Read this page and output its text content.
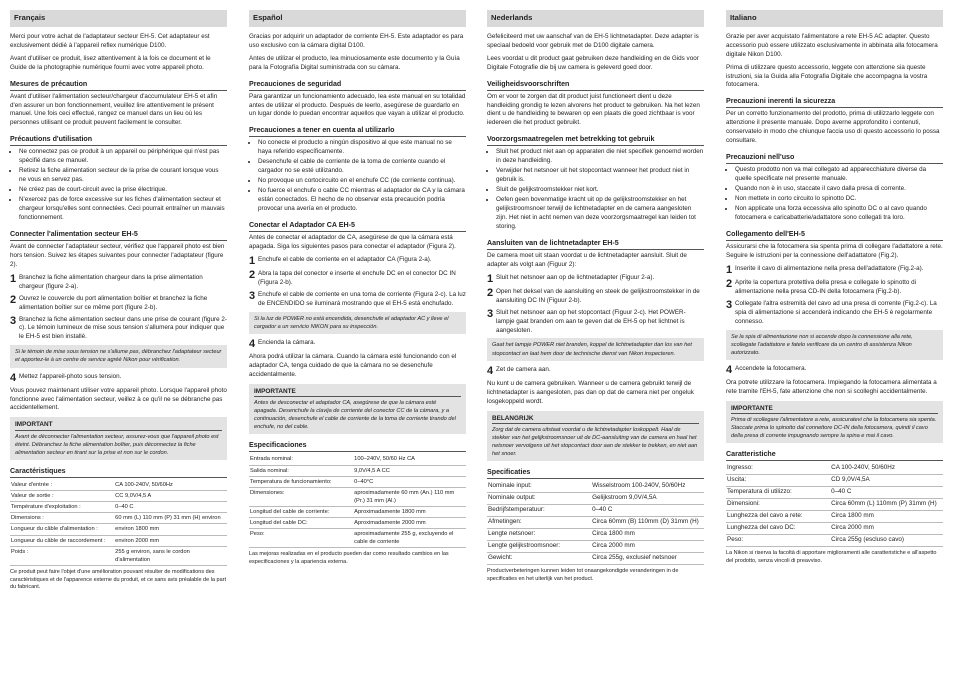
Français

Merci pour votre achat de l'adaptateur secteur EH-5. Cet adaptateur est exclusivement dédié à l'appareil reflex numérique D100.

Avant d'utiliser ce produit, lisez attentivement à la fois ce document et le Guide de la photographie numérique fourni avec votre appareil photo.

Mesures de précaution

Avant d'utiliser l'alimentation secteur/chargeur d'accumulateur EH-5 et afin d'en assurer un bon fonctionnement, veuillez lire attentivement le présent manuel. Une fois ceci effectué, rangez ce manuel dans un lieu où les personnes utilisant ce produit peuvent facilement le consulter.

Précautions d'utilisation
• Ne connectez pas ce produit à un appareil ou périphérique qui n'est pas spécifié dans ce manuel.
• Retirez la fiche alimentation secteur de la prise de courant lorsque vous ne vous en servez pas.
• Ne créez pas de court-circuit avec la prise électrique.
• N'exercez pas de force excessive sur les fiches d'alimentation secteur et chargeur lorsqu'elles sont connectées. Ceci pourrait entraîner un mauvais fonctionnement.
Connecter l'alimentation secteur EH-5

Avant de connecter l'adaptateur secteur, vérifiez que l'appareil photo est bien hors tension. Suivez les étapes suivantes pour connecter l'adaptateur (figure 2).

1 Branchez la fiche alimentation chargeur dans la prise alimentation chargeur (figure 2-a).
2 Ouvrez le couvercle du port alimentation boîtier et branchez la fiche alimentation boîtier sur ce même port (figure 2-b).
3 Branchez la fiche alimentation secteur dans une prise de courant (figure 2-c). Le témoin lumineux de mise sous tension s'allumera pour indiquer que le EH-5 est bien installé.
Si le témoin de mise sous tension ne s'allume pas, débranchez l'adaptateur secteur et apportez-le à un centre de service agréé Nikon pour vérification.
4 Mettez l'appareil-photo sous tension.

Vous pouvez maintenant utiliser votre appareil photo. Lorsque l'appareil photo fonctionne avec l'alimentation secteur, veillez à ce qu'il ne se débranche pas accidentellement.

IMPORTANT
Avant de déconnecter l'alimentation secteur, assurez-vous que l'appareil photo est éteint. Débranchez la fiche alimentation boîtier, puis déconnectez la fiche alimentation secteur en tirant sur la prise et non sur le cordon.
Caractéristiques
Valeur d'entrée :	CA 100-240V, 50/60Hz
Valeur de sortie :	CC 9,0V/4,5 A
Température d'exploitation :	0–40 C
Dimensions :	60 mm (L) 110 mm (P) 31 mm (H) environ
Longueur du câble d'alimentation :	environ 1800 mm
Longueur du câble de raccordement :	environ 2000 mm
Poids :	255 g environ, sans le cordon d'alimentation

Ce produit peut faire l'objet d'une amélioration pouvant résulter de modifications des caractéristiques et de l'apparence externe du produit, et ce sans avis préalable de la part du fabricant.

Español

Gracias por adquirir un adaptador de corriente EH-5. Este adaptador es para uso exclusivo con la cámara digital D100.

Antes de utilizar el producto, lea minuciosamente este documento y la Guía para la Fotografía Digital suministrada con su cámara.

Precauciones de seguridad

Para garantizar un funcionamiento adecuado, lea este manual en su totalidad antes de utilizar el producto. Después de leerlo, asegúrese de guardarlo en un lugar donde lo puedan encontrar aquellos que vayan a utilizar el producto.

Precauciones a tener en cuenta al utilizarlo
• No conecte el producto a ningún dispositivo al que este manual no se haya referido específicamente.
• Desenchufe el cable de corriente de la toma de corriente cuando el cargador no se esté utilizando.
• No provoque un cortocircuito en el enchufe CC (de corriente continua).
• No fuerce el enchufe o cable CC mientras el adaptador de CA y la cámara están conectados. El hecho de no observar esta precaución podría provocar una avería en el producto.
Conectar el Adaptador CA EH-5

Antes de conectar el adaptador de CA, asegúrese de que la cámara está apagada. Siga los siguientes pasos para conectar el adaptador (Figura 2).

1 Enchufe el cable de corriente en el adaptador CA (Figura 2-a).
2 Abra la tapa del conector e inserte el enchufe DC en el conector DC IN (Figura 2-b).
3 Enchufe el cable de corriente en una toma de corriente (Figura 2-c). La luz de ENCENDIDO se iluminará mostrando que el EH-5 está enchufado.
Si la luz de POWER no está encendida, desenchufe el adaptador AC y lleve el cargador a un servicio NIKON para su inspección.
4 Encienda la cámara.

Ahora podrá utilizar la cámara. Cuando la cámara esté funcionando con el adaptador CA, tenga cuidado de que la cámara no se desenchufe accidentalmente.

IMPORTANTE
Antes de desconectar el adaptador CA, asegúrese de que la cámara esté apagada. Desenchufe la clavija de corriente del conector CC de la cámara, y a continuación, desenchufe el cable de corriente de la toma de corriente tirando del enchufe, no del cable.
Especificaciones
Entrada nominal:	100–240V, 50/60 Hz CA
Salida nominal:	9,0V/4,5 A CC
Temperatura de funcionamiento:	0–40°C
Dimensiones:	aproximadamente 60 mm (An.) 110 mm (Pr.) 31 mm (Al.)
Longitud del cable de corriente:	Aproximadamente 1800 mm
Longitud del cable DC:	Aproximadamente 2000 mm
Peso:	aproximadamente 255 g, excluyendo el cable de corriente

Las mejoras realizadas en el producto pueden dar como resultado cambios en las especificaciones y la apariencia externa.

Nederlands

Gefeliciteerd met uw aanschaf van de EH-5 lichtnetadapter. Deze adapter is speciaal bedoeld voor gebruik met de D100 digitale camera.

Lees voordat u dit product gaat gebruiken deze handleiding en de Gids voor Digitale Fotografie die bij uw camera is geleverd goed door.

Veiligheidsvoorschriften

Om er voor te zorgen dat dit product juist functioneert dient u deze handleiding grondig te lezen alvorens het product te gebruiken. Na het lezen dient u de handleiding te bewaren op een plaats die goed zichtbaar is voor iedereen die het product gebruikt.

Voorzorgsmaatregelen met betrekking tot gebruik
• Sluit het product niet aan op apparaten die niet specifiek genoemd worden in deze handleiding.
• Verwijder het netsnoer uit het stopcontact wanneer het product niet in gebruik is.
• Sluit de gelijkstroomstekker niet kort.
• Oefen geen bovenmatige kracht uit op de gelijkstroomstekker en het gelijkstroomsnoer terwijl de lichtnetadapter en de camera aangesloten zijn. Het niet in acht nemen van deze voorzorgsmaatregel kan leiden tot storing.
Aansluiten van de lichtnetadapter EH-5

De camera moet uit staan voordat u de lichtnetadapter aansluit. Sluit de adapter als volgt aan (Figuur 2):

1 Sluit het netsnoer aan op de lichtnetadapter (Figuur 2-a).
2 Open het deksel van de aansluiting en steek de gelijkstroomstekker in de aansluiting DC IN (Figuur 2-b).
3 Sluit het netsnoer aan op het stopcontact (Figuur 2-c). Het POWER-lampje gaat branden om aan te geven dat de EH-5 op het lichtnet is aangesloten.
Gaat het lampje POWER niet branden, koppel de lichtnetadapter dan los van het stopcontact en laat hem door de technische dienst van Nikon inspecteren.
4 Zet de camera aan.

Nu kunt u de camera gebruiken. Wanneer u de camera gebruikt terwijl de lichtnetadapter is aangesloten, pas dan op dat de camera niet per ongeluk losgekoppeld wordt.

BELANGRIJK
Zorg dat de camera uitstaat voordat u de lichtnetadapter loskoppelt. Haal de stekker van het gelijkstroomsnoer uit de DC-aansluiting van de camera en haal het netsnoer vervolgens uit het stopcontact door aan de stekker te trekken, en niet aan het snoer.
Specificaties
Nominale input:	Wisselstroom 100-240V, 50/60Hz
Nominale output:	Gelijkstroom 9,0V/4,5A
Bedrijfstemperatuur:	0–40 C
Afmetingen:	Circa 60mm (B) 110mm (D) 31mm (H)
Lengte netsnoer:	Circa 1800 mm
Lengte gelijkstroomsnoer:	Circa 2000 mm
Gewicht:	Circa 255g, exclusief netsnoer

Productverbeteringen kunnen leiden tot onaangekondigde veranderingen in de specificaties en het uiterlijk van het product.

Italiano

Grazie per aver acquistato l'alimentatore a rete EH-5 AC adapter. Questo accessorio può essere utilizzato esclusivamente in abbinata alla fotocamera digitale Nikon D100.

Prima di utilizzare questo accessorio, leggete con attenzione sia queste istruzioni, sia la Guida alla Fotografia Digitale che accompagna la vostra fotocamera.

Precauzioni inerenti la sicurezza

Per un corretto funzionamento del prodotto, prima di utilizzarlo leggete con attenzione il presente manuale. Dopo averne approfondito i contenuti, conservatelo in modo che chiunque faccia uso di questo accessorio lo possa consultare.

Precauzioni nell'uso
• Questo prodotto non va mai collegato ad apparecchiature diverse da quelle specificate nel presente manuale.
• Quando non è in uso, staccate il cavo dalla presa di corrente.
• Non mettete in corto circuito lo spinotto DC.
• Non applicate una forza eccessiva allo spinotto DC o al cavo quando fotocamera e caricabatterie/adattatore sono collegati tra loro.
Collegamento dell'EH-5

Assicurarsi che la fotocamera sia spenta prima di collegare l'adattatore a rete. Seguire le istruzioni per la connessione dell'adattatore (Fig.2).

1 Inserite il cavo di alimentazione nella presa dell'adattatore (Fig.2-a).
2 Aprite la copertura protettiva della presa e collegate lo spinotto di alimentazione nella presa CD-IN della fotocamera (Fig.2-b).
3 Collegate l'altra estremità del cavo ad una presa di corrente (Fig.2-c). La spia di alimentazione si accenderà indicando che EH-5 è regolarmente connesso.
Se la spia di alimentazione non si accende dopo la connessione alla rete, scollegate l'adattatore e fatelo verificare da un centro di assistenza Nikon autorizzato.
4 Accendete la fotocamera.

Ora potrete utilizzare la fotocamera. Impiegando la fotocamera alimentata a rete tramite l'EH-5, fate attenzione che non si scolleghi accidentalmente.

IMPORTANTE
Prima di scollegare l'alimentatore a rete, assicuratevi che la fotocamera sia spenta. Staccate prima lo spinotto dal connettore DC-IN della fotocamera, quindi il cavo della presa di corrente impugnando sempre la spina e mai il cavo.
Caratteristiche
Ingresso:	CA 100-240V, 50/60Hz
Uscita:	CD 9,0V/4,5A
Temperatura di utilizzo:	0–40 C
Dimensioni:	Circa 60mm (L) 110mm (P) 31mm (H)
Lunghezza del cavo a rete:	Circa 1800 mm
Lunghezza del cavo DC:	Circa 2000 mm
Peso:	Circa 255g (escluso cavo)

La Nikon si riserva la facoltà di apportare miglioramenti alle caratteristiche e all'aspetto del prodotto, senza vincoli di preavviso.
